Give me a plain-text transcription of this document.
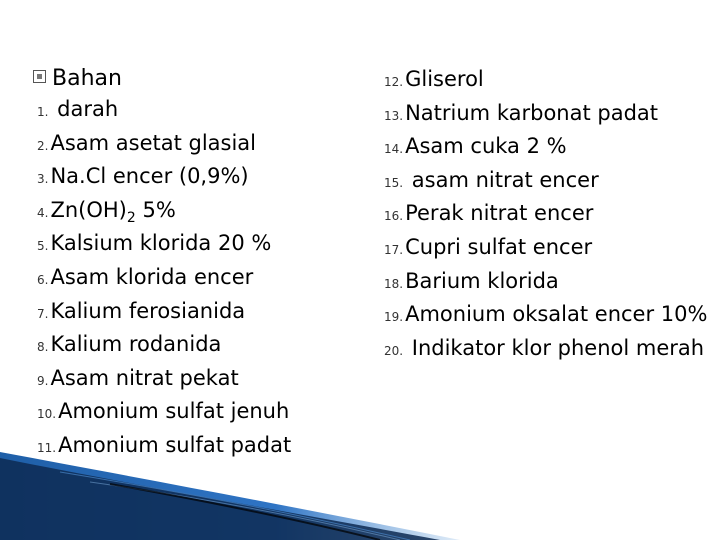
Bahan
1. darah
2.Asam asetat glasial
3.Na.Cl encer (0,9%)
$4.Zn(OH)_2$ 5%
5.Kalsium klorida 20 %
6.Asam klorida encer
7.Kalium ferosianida
8.Kalium rodanida
9.Asam nitrat pekat
10.Amonium sulfat jenuh
11.Amonium sulfat padat
12.Gliserol
13.Natrium karbonat padat
14.Asam cuka 2 %
15. asam nitrat encer
16.Perak nitrat encer
17.Cupri sulfat encer
18.Barium klorida
19.Amonium oksalat encer 10%
20. Indikator klor phenol merah
